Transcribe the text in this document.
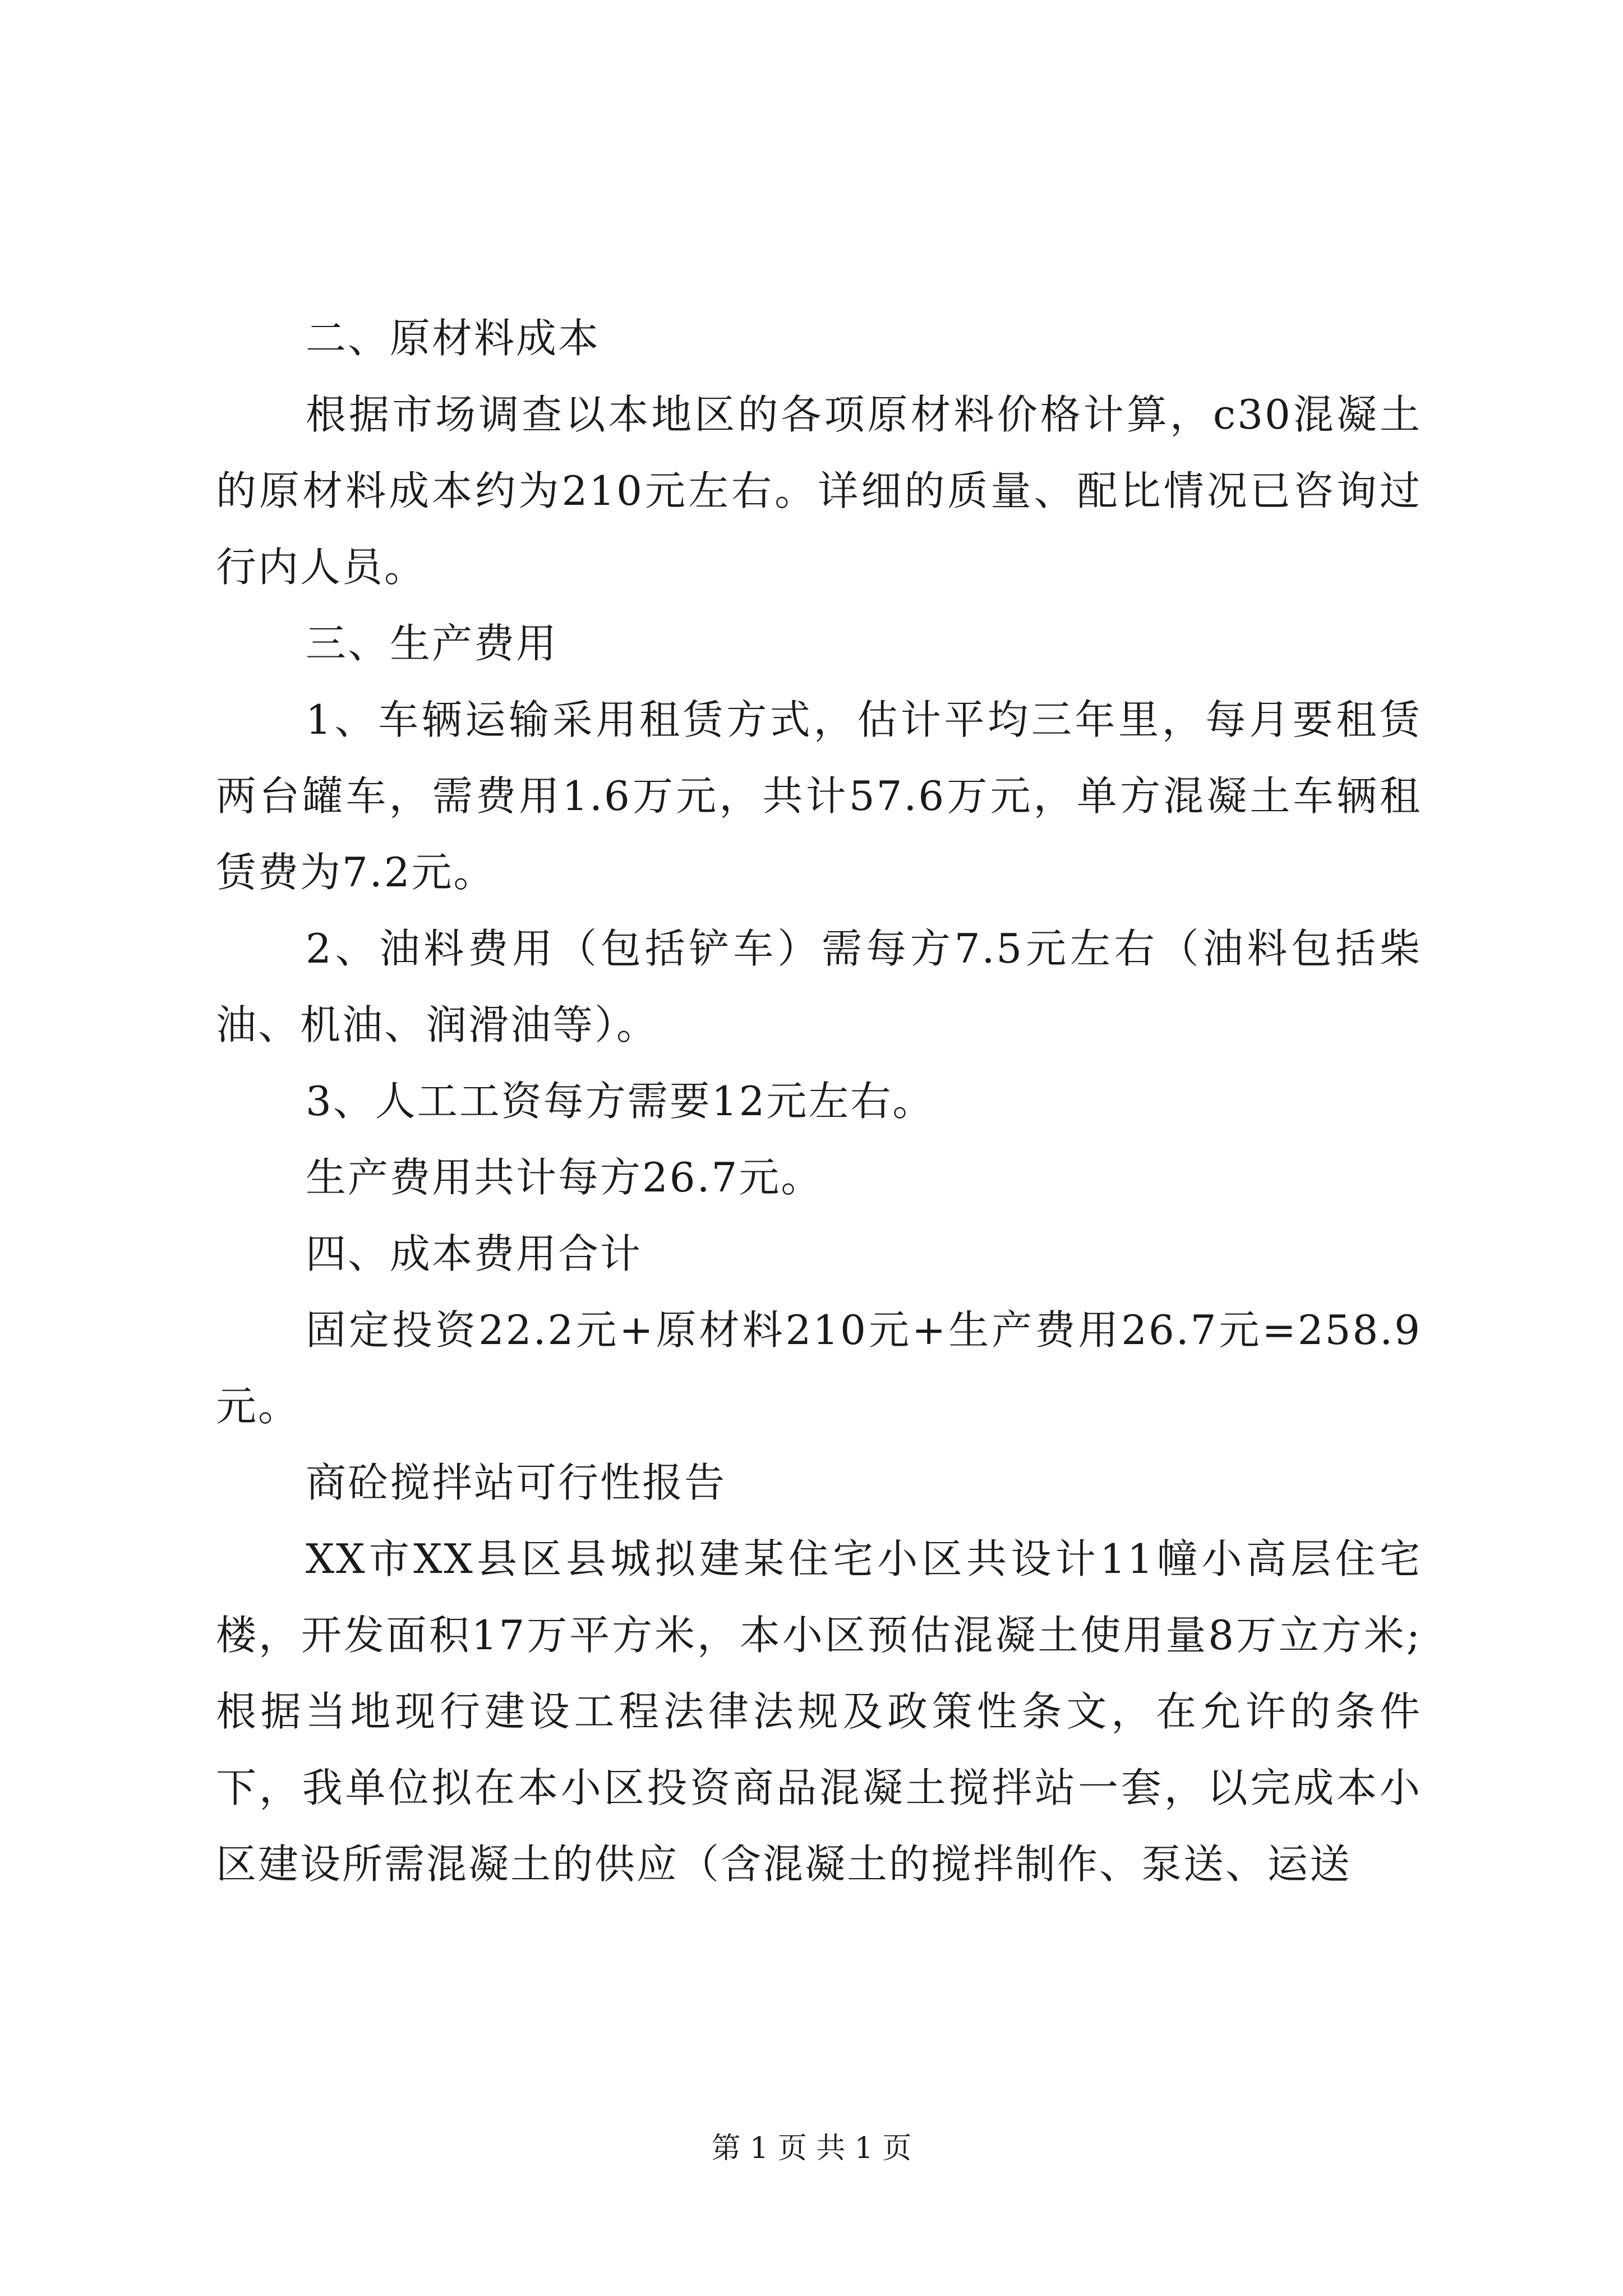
二、原材料成本

根据市场调查以本地区的各项原材料价格计算，c30混凝土的原材料成本约为210元左右。详细的质量、配比情况已咨询过行内人员。

三、生产费用

1、车辆运输采用租赁方式，估计平均三年里，每月要租赁两台罐车，需费用1.6万元，共计57.6万元，单方混凝土车辆租赁费为7.2元。

2、油料费用（包括铲车）需每方7.5元左右（油料包括柴油、机油、润滑油等）。

3、人工工资每方需要12元左右。

生产费用共计每方26.7元。

四、成本费用合计

固定投资22.2元+原材料210元+生产费用26.7元=258.9元。

商砼搅拌站可行性报告

XX市XX县区县城拟建某住宅小区共设计11幢小高层住宅楼，开发面积17万平方米，本小区预估混凝土使用量8万立方米;根据当地现行建设工程法律法规及政策性条文，在允许的条件下，我单位拟在本小区投资商品混凝土搅拌站一套，以完成本小区建设所需混凝土的供应（含混凝土的搅拌制作、泵送、运送

第 1 页 共 1 页
